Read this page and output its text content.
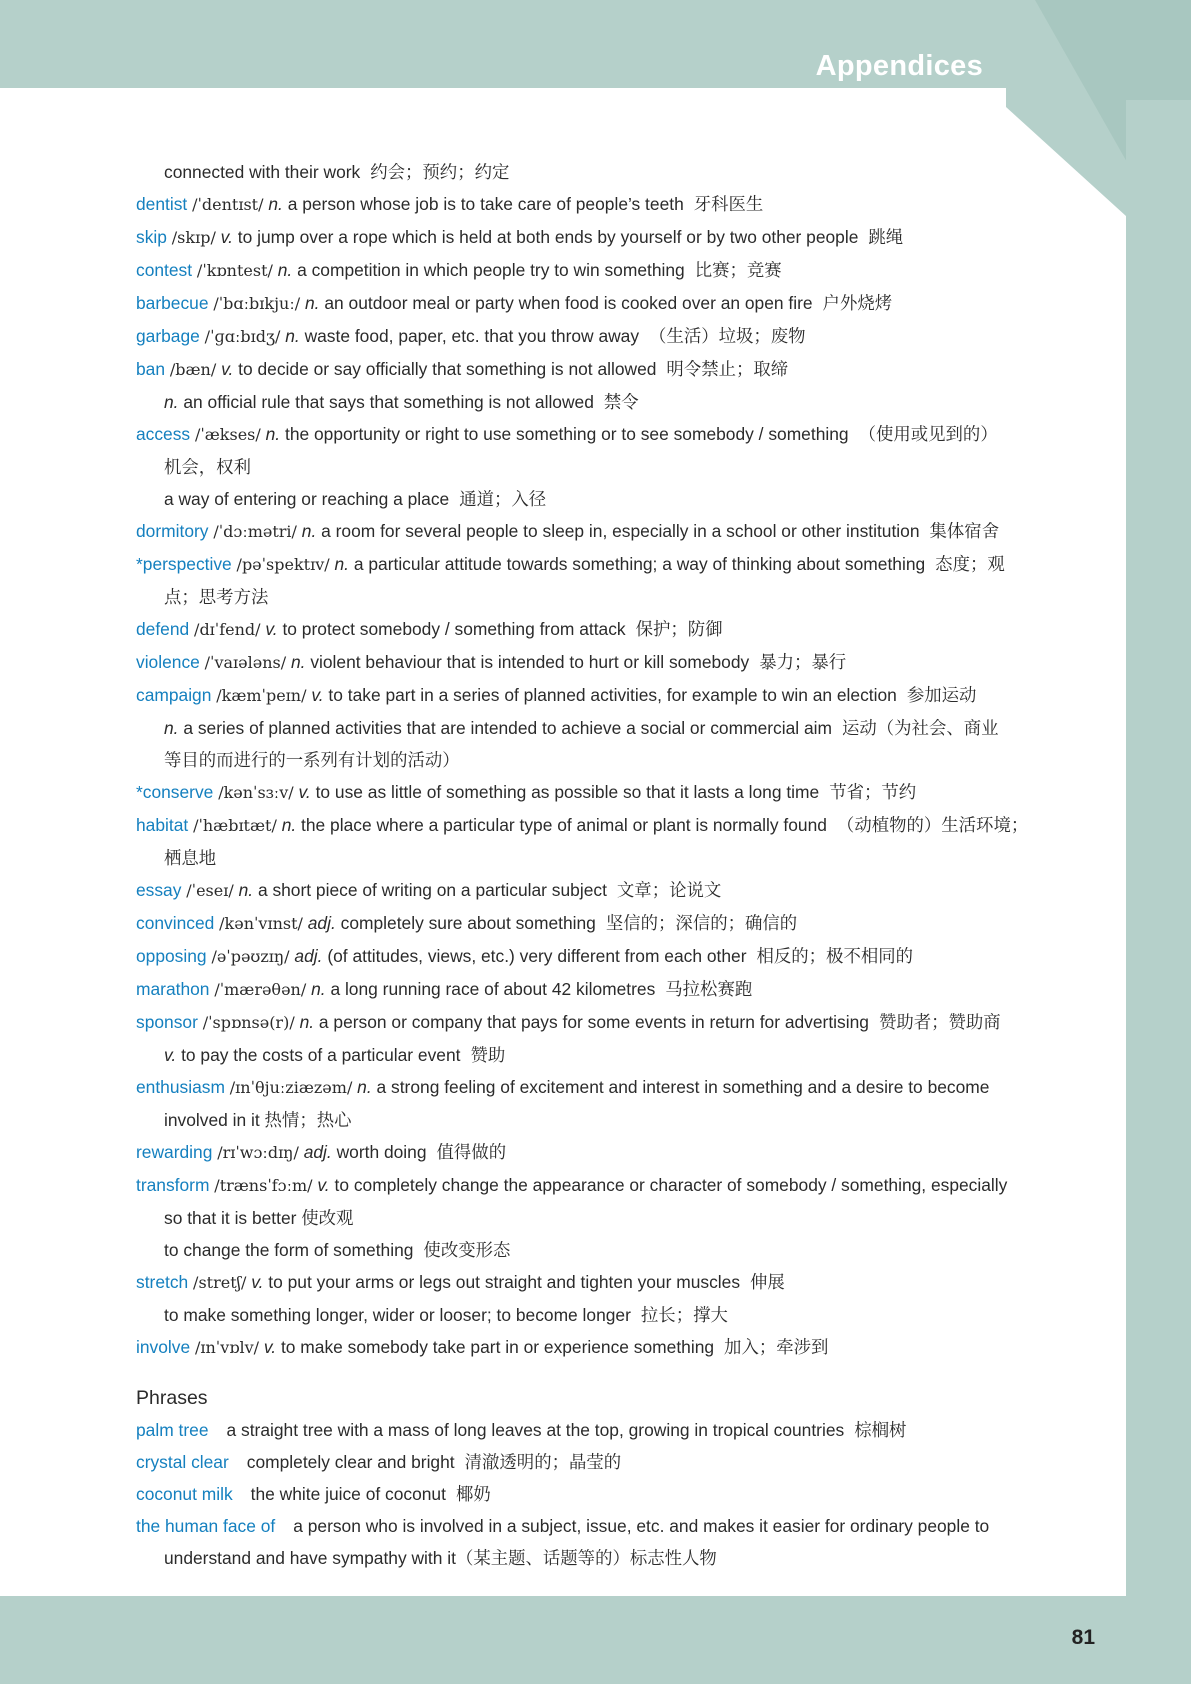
Appendices
connected with their work 约会；预约；约定
dentist /ˈdentɪst/ n. a person whose job is to take care of people’s teeth 牙科医生
skip /skɪp/ v. to jump over a rope which is held at both ends by yourself or by two other people 跳绳
contest /ˈkɒntest/ n. a competition in which people try to win something 比赛；竞赛
barbecue /ˈbɑːbɪkjuː/ n. an outdoor meal or party when food is cooked over an open fire 户外烧烤
garbage /ˈɡɑːbɪdʒ/ n. waste food, paper, etc. that you throw away （生活）垃圾；废物
ban /bæn/ v. to decide or say officially that something is not allowed 明令禁止；取缔
n. an official rule that says that something is not allowed 禁令
access /ˈækses/ n. the opportunity or right to use something or to see somebody / something （使用或见到的）
机会，权利
a way of entering or reaching a place 通道；入径
dormitory /ˈdɔːmətri/ n. a room for several people to sleep in, especially in a school or other institution 集体宿舍
*perspective /pəˈspektɪv/ n. a particular attitude towards something; a way of thinking about something 态度；观
点；思考方法
defend /dɪˈfend/ v. to protect somebody / something from attack 保护；防御
violence /ˈvaɪələns/ n. violent behaviour that is intended to hurt or kill somebody 暴力；暴行
campaign /kæmˈpeɪn/ v. to take part in a series of planned activities, for example to win an election 参加运动
n. a series of planned activities that are intended to achieve a social or commercial aim 运动（为社会、商业
等目的而进行的一系列有计划的活动）
*conserve /kənˈsɜːv/ v. to use as little of something as possible so that it lasts a long time 节省；节约
habitat /ˈhæbɪtæt/ n. the place where a particular type of animal or plant is normally found （动植物的）生活环境；
栖息地
essay /ˈeseɪ/ n. a short piece of writing on a particular subject 文章；论说文
convinced /kənˈvɪnst/ adj. completely sure about something 坚信的；深信的；确信的
opposing /əˈpəʊzɪŋ/ adj. (of attitudes, views, etc.) very different from each other 相反的；极不相同的
marathon /ˈmærəθən/ n. a long running race of about 42 kilometres 马拉松赛跑
sponsor /ˈspɒnsə(r)/ n. a person or company that pays for some events in return for advertising 赞助者；赞助商
v. to pay the costs of a particular event 赞助
enthusiasm /ɪnˈθjuːziæzəm/ n. a strong feeling of excitement and interest in something and a desire to become
involved in it 热情；热心
rewarding /rɪˈwɔːdɪŋ/ adj. worth doing 值得做的
transform /trænsˈfɔːm/ v. to completely change the appearance or character of somebody / something, especially
so that it is better 使改观
to change the form of something 使改变形态
stretch /stretʃ/ v. to put your arms or legs out straight and tighten your muscles 伸展
to make something longer, wider or looser; to become longer 拉长；撑大
involve /ɪnˈvɒlv/ v. to make somebody take part in or experience something 加入；牵涉到
Phrases
palm tree a straight tree with a mass of long leaves at the top, growing in tropical countries 棕榈树
crystal clear completely clear and bright 清澈透明的；晶莹的
coconut milk the white juice of coconut 椰奶
the human face of a person who is involved in a subject, issue, etc. and makes it easier for ordinary people to
understand and have sympathy with it（某主题、话题等的）标志性人物
81
